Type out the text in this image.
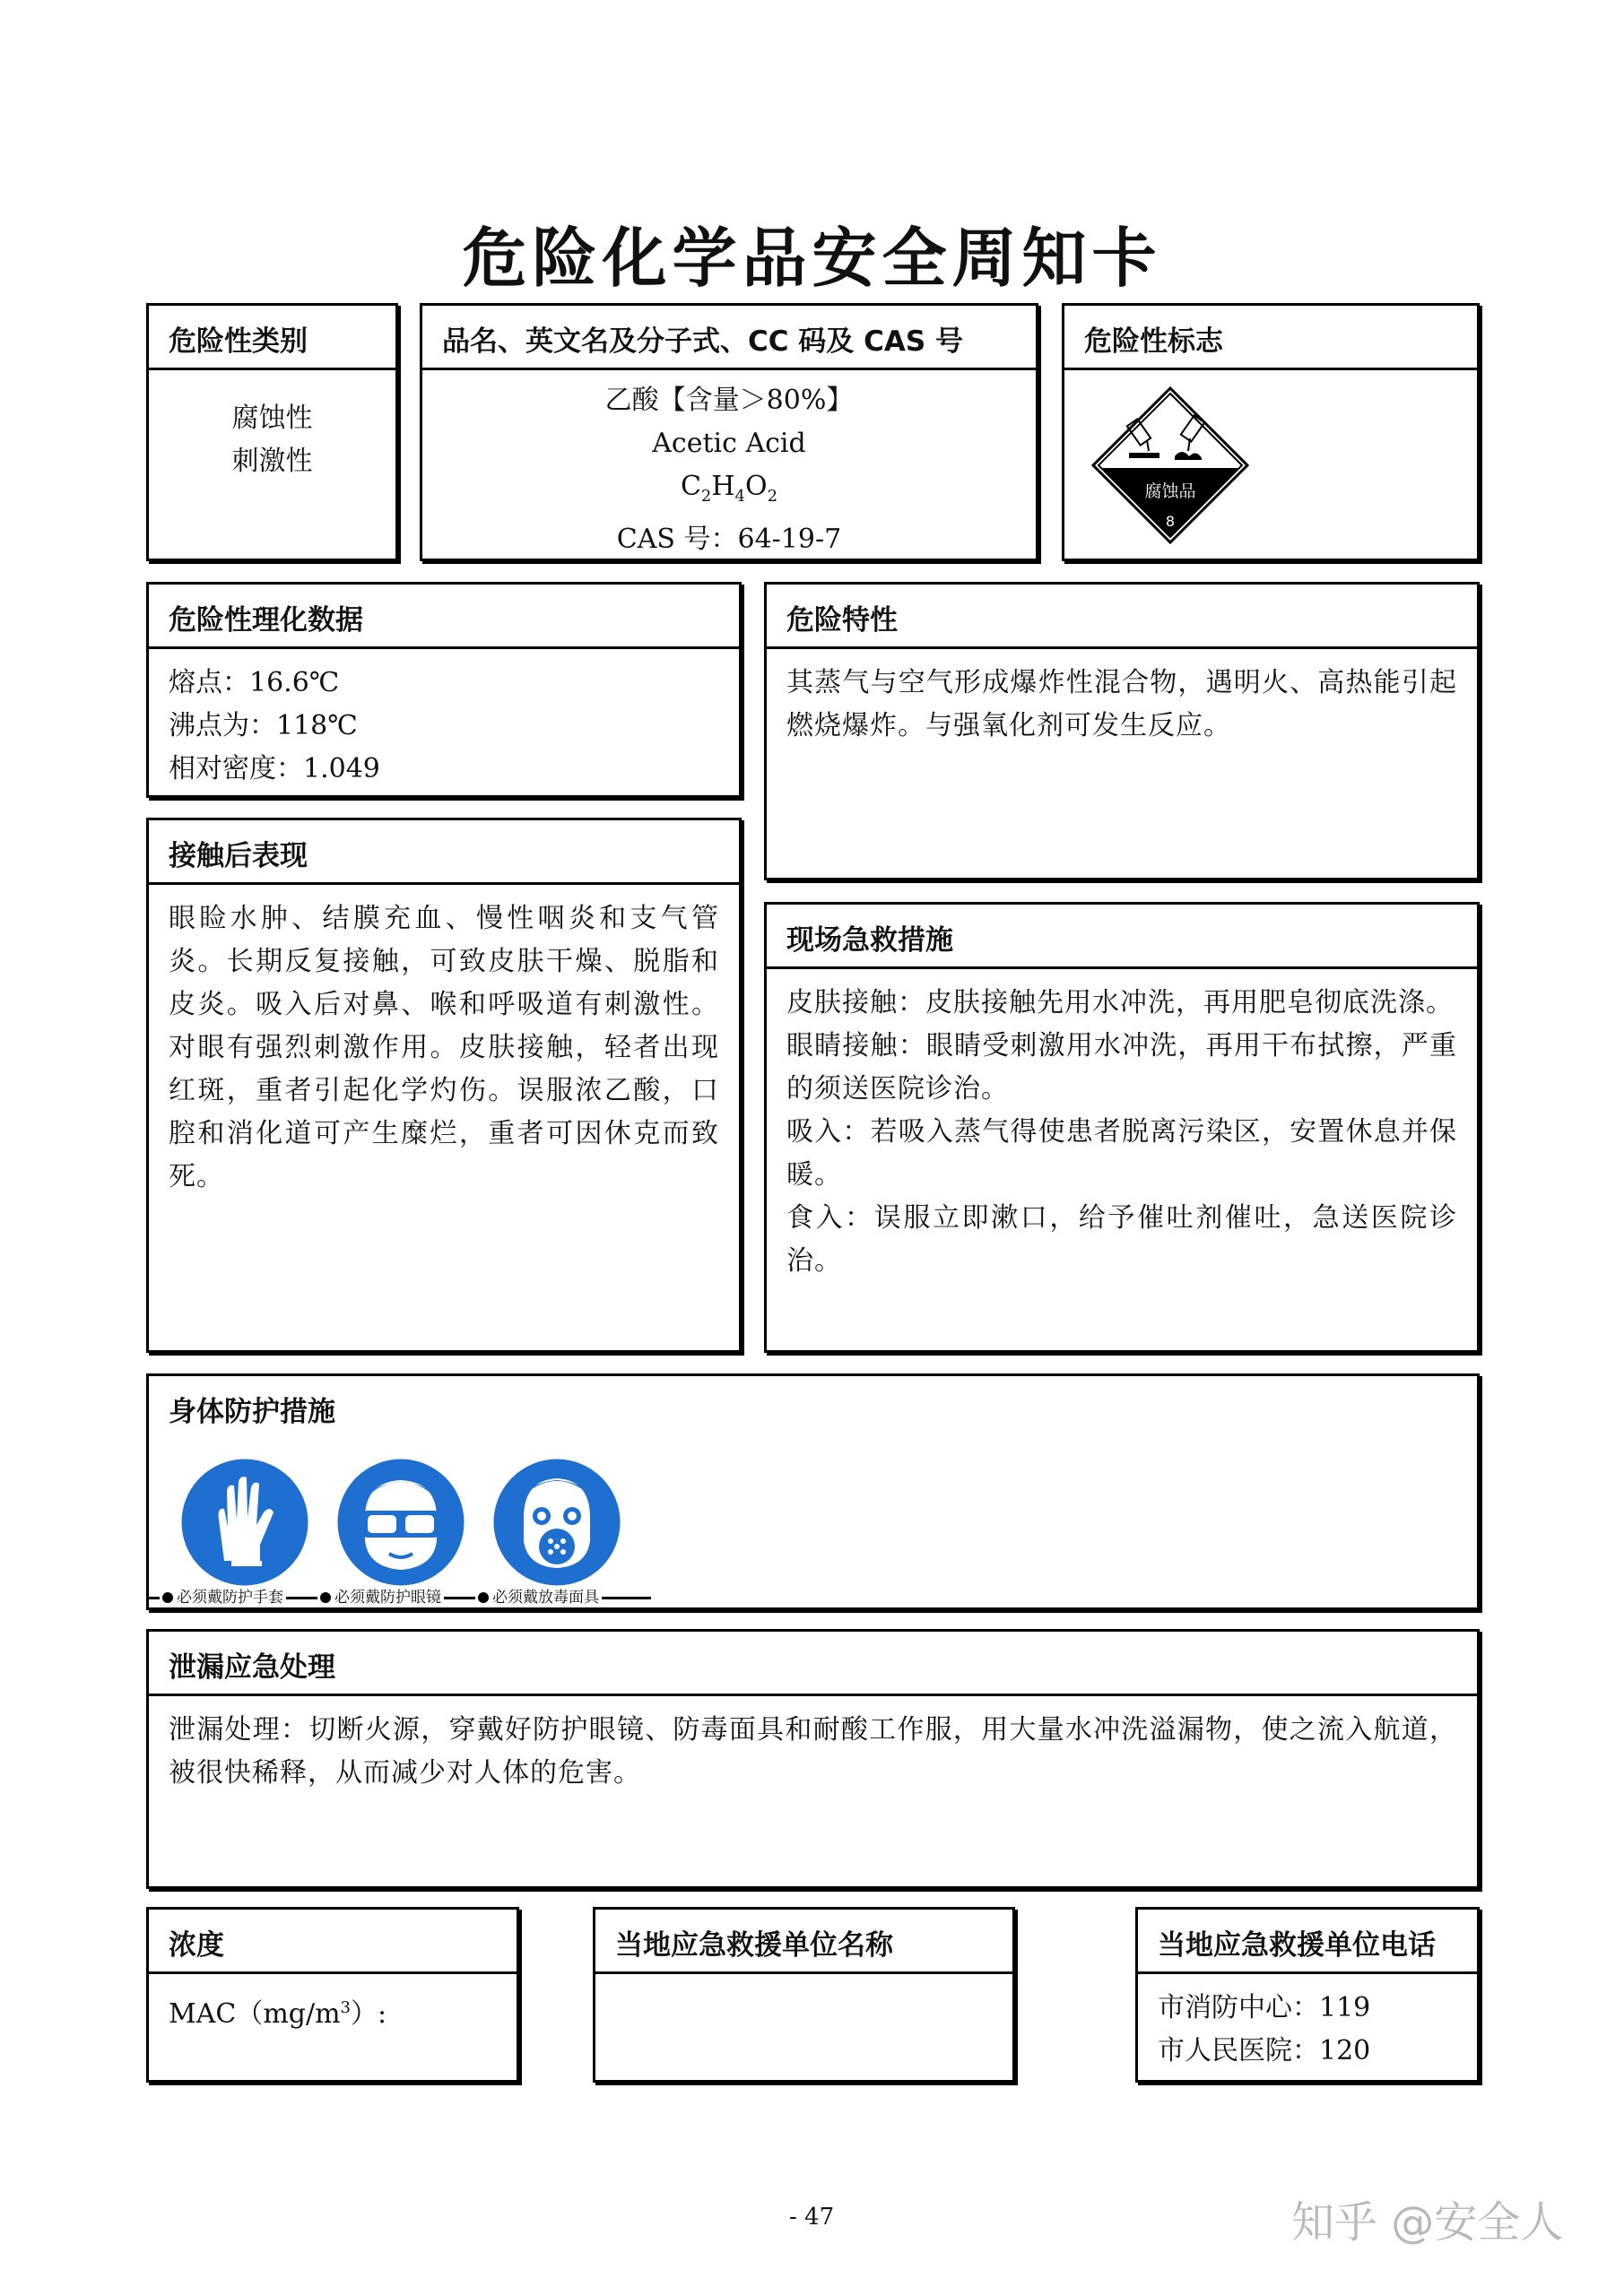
危险化学品安全周知卡
危险性类别

腐蚀性

刺激性

品名、英文名及分子式、CC 码及 CAS 号

乙酸【含量＞80%】

Acetic Acid

$C_2H_4O_2$

CAS 号：64-19-7

危险性标志
腐蚀品
8
危险性理化数据

熔点：16.6℃

沸点为：118℃

相对密度：1.049

危险特性

其蒸气与空气形成爆炸性混合物，遇明火、高热能引起燃烧爆炸。与强氧化剂可发生反应。

接触后表现

眼睑水肿、结膜充血、慢性咽炎和支气管炎。长期反复接触，可致皮肤干燥、脱脂和皮炎。吸入后对鼻、喉和呼吸道有刺激性。对眼有强烈刺激作用。皮肤接触，轻者出现红斑，重者引起化学灼伤。误服浓乙酸，口腔和消化道可产生糜烂，重者可因休克而致死。

现场急救措施

皮肤接触：皮肤接触先用水冲洗，再用肥皂彻底洗涤。

眼睛接触：眼睛受刺激用水冲洗，再用干布拭擦，严重的须送医院诊治。

吸入：若吸入蒸气得使患者脱离污染区，安置休息并保暖。

食入：误服立即漱口，给予催吐剂催吐，急送医院诊治。

身体防护措施
必须戴防护手套	必须戴防护眼镜	必须戴放毒面具
泄漏应急处理

泄漏处理：切断火源，穿戴好防护眼镜、防毒面具和耐酸工作服，用大量水冲洗溢漏物，使之流入航道，被很快稀释，从而减少对人体的危害。

浓度

$MAC(mg/m^3)$:

当地应急救援单位名称	当地应急救援单位电话

市消防中心：119

市人民医院：120

- 47	知乎 @安全人
